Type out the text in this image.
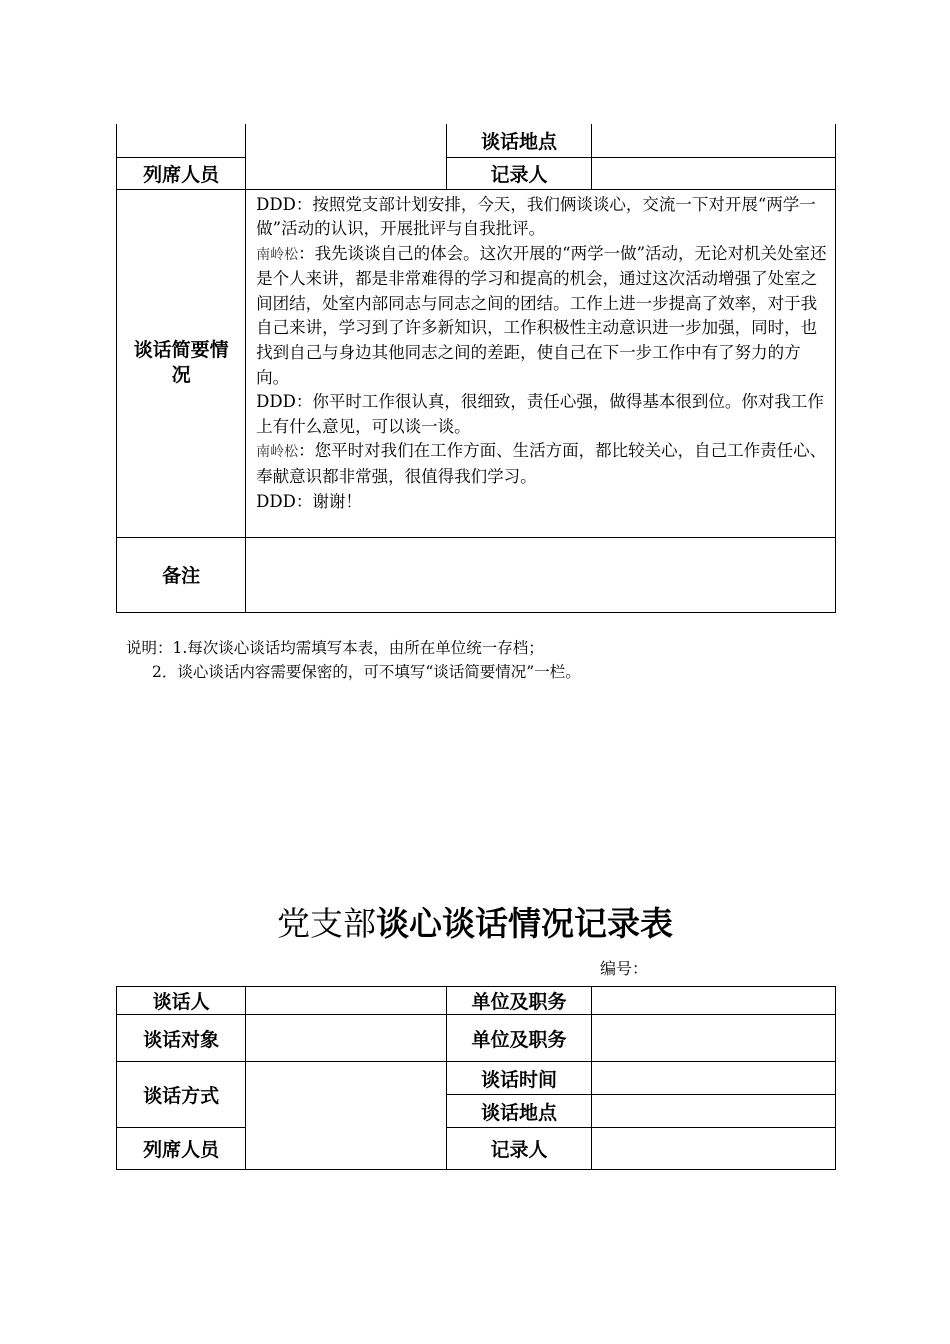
		谈话地点	
列席人员		记录人	
谈话简要情况	DDD：按照党支部计划安排，今天，我们俩谈谈心，交流一下对开展“两学一做”活动的认识，开展批评与自我批评。

南岭松：我先谈谈自己的体会。这次开展的“两学一做”活动，无论对机关处室还是个人来讲，都是非常难得的学习和提高的机会，通过这次活动增强了处室之间团结，处室内部同志与同志之间的团结。工作上进一步提高了效率，对于我自己来讲，学习到了许多新知识，工作积极性主动意识进一步加强，同时，也找到自己与身边其他同志之间的差距，使自己在下一步工作中有了努力的方向。

DDD：你平时工作很认真，很细致，责任心强，做得基本很到位。你对我工作上有什么意见，可以谈一谈。

南岭松：您平时对我们在工作方面、生活方面，都比较关心，自己工作责任心、奉献意识都非常强，很值得我们学习。

DDD：谢谢！		

备注			
说明：1.每次谈心谈话均需填写本表，由所在单位统一存档；
2．谈心谈话内容需要保密的，可不填写“谈话简要情况”一栏。
党支部谈心谈话情况记录表
编号：
谈话人		单位及职务	
谈话对象		单位及职务	
谈话方式		谈话时间	
		谈话地点	
列席人员		记录人	
